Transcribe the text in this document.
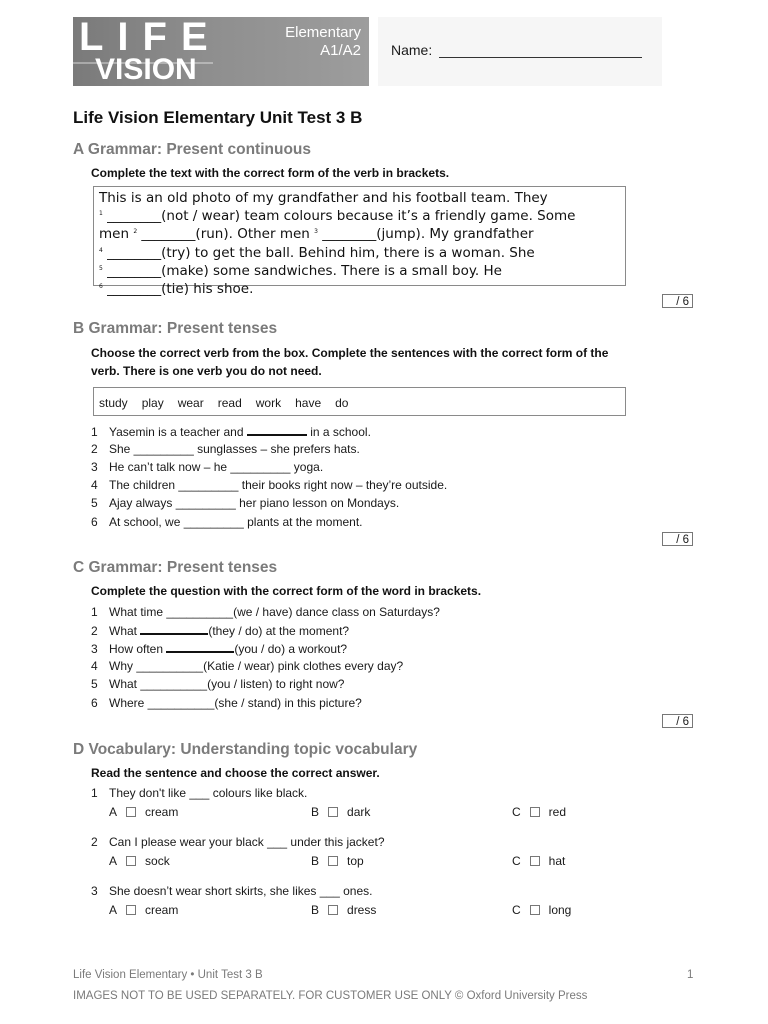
LIFE
VISION
Elementary
A1/A2 Name:
Life Vision Elementary Unit Test 3 B
A Grammar: Present continuous
Complete the text with the correct form of the verb in brackets.
This is an old photo of my grandfather and his football team. They
$^1$ ________(not / wear) team colours because it’s a friendly game. Some
men $^2$ ________(run). Other men $^3$ ________(jump). My grandfather
$^4$ ________(try) to get the ball. Behind him, there is a woman. She
$^5$ ________(make) some sandwiches. There is a small boy. He
$^6$ ________(tie) his shoe.
/ 6
B Grammar: Present tenses
Choose the correct verb from the box. Complete the sentences with the correct form of the
verb. There is one verb you do not need.
study play wear read work have do
1 Yasemin is a teacher and	in a school.
2 She _________ sunglasses – she prefers hats.
3 He can’t talk now – he _________ yoga.
4 The children _________ their books right now – they’re outside.
5 Ajay always _________ her piano lesson on Mondays.
6 At school, we _________ plants at the moment.
/ 6
C Grammar: Present tenses
Complete the question with the correct form of the word in brackets.
1 What time __________(we / have) dance class on Saturdays?
2 What	(they / do) at the moment?
3 How often	(you / do) a workout?
4 Why __________(Katie / wear) pink clothes every day?
5 What __________(you / listen) to right now?
6 Where __________(she / stand) in this picture?
/ 6
D Vocabulary: Understanding topic vocabulary
Read the sentence and choose the correct answer.
1 They don't like ___ colours like black.
A cream	B dark	C red
2 Can I please wear your black ___ under this jacket?
A sock	B top	C hat
3 She doesn’t wear short skirts, she likes ___ ones.
A cream	B dress	C long
Life Vision Elementary • Unit Test 3 B	1
IMAGES NOT TO BE USED SEPARATELY. FOR CUSTOMER USE ONLY © Oxford University Press
